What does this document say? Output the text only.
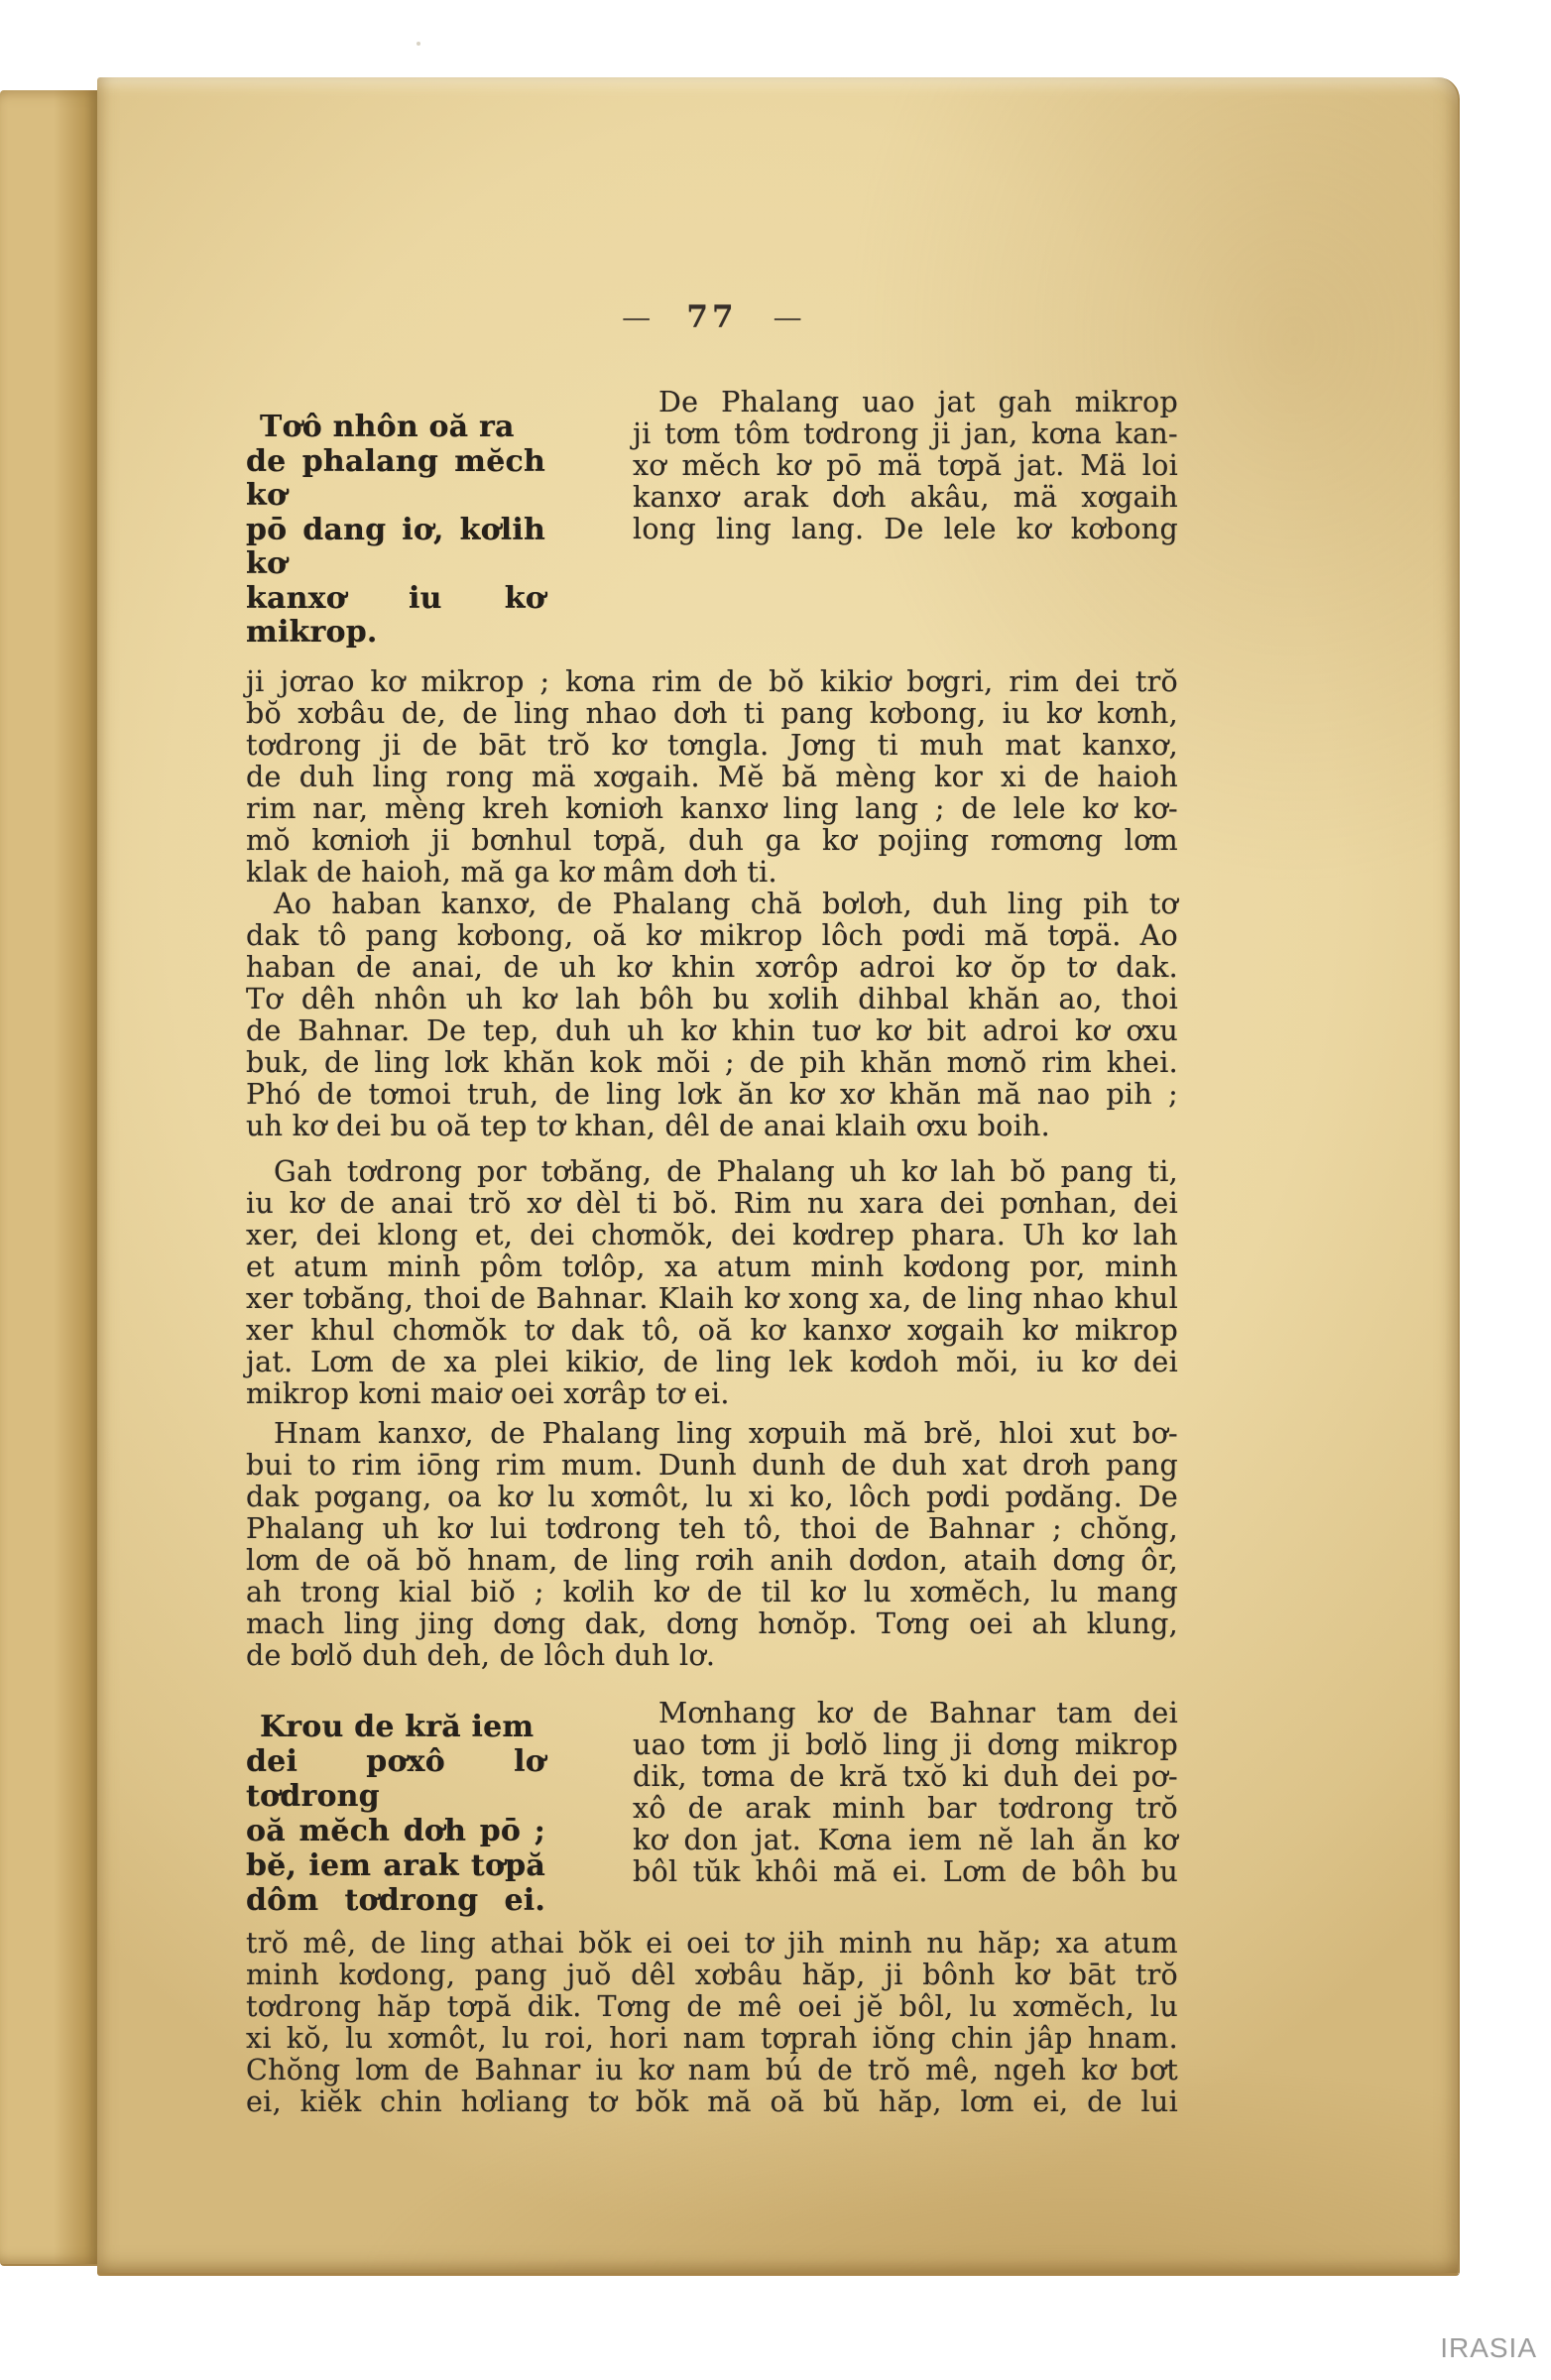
— 77 —
Tơô nhôn oă ra
de phalang mĕch kơ
pō dang iơ, kơlih kơ
kanxơ iu kơ mikrop.
De Phalang uao jat gah mikrop
ji tơm tôm tơdrong ji jan, kơna kan-
xơ mĕch kơ pō mä tơpă jat. Mä loi
kanxơ arak dơh akâu, mä xơgaih
long ling lang. De lele kơ kơbong
ji jơrao kơ mikrop ; kơna rim de bŏ kikiơ bơgri, rim dei trŏ
bŏ xơbâu de, de ling nhao dơh ti pang kơbong, iu kơ kơnh,
tơdrong ji de bāt trŏ kơ tơngla. Jơng ti muh mat kanxơ,
de duh ling rong mä xơgaih. Mĕ bă mèng kor xi de haioh
rim nar, mèng kreh kơniơh kanxơ ling lang ; de lele kơ kơ-
mŏ kơniơh ji bơnhul tơpă, duh ga kơ pojing rơmơng lơm
klak de haioh, mă ga kơ mâm dơh ti.
Ao haban kanxơ, de Phalang chă bơlơh, duh ling pih tơ
dak tô pang kơbong, oă kơ mikrop lôch pơdi mă tơpä. Ao
haban de anai, de uh kơ khin xơrôp adroi kơ ŏp tơ dak.
Tơ dêh nhôn uh kơ lah bôh bu xơlih dihbal khăn ao, thoi
de Bahnar. De tep, duh uh kơ khin tuơ kơ bit adroi kơ ơxu
buk, de ling lơk khăn kok mŏi ; de pih khăn mơnŏ rim khei.
Phó de tơmoi truh, de ling lơk ăn kơ xơ khăn mă nao pih ;
uh kơ dei bu oă tep tơ khan, dêl de anai klaih ơxu boih.
Gah tơdrong por tơbăng, de Phalang uh kơ lah bŏ pang ti,
iu kơ de anai trŏ xơ dèl ti bŏ. Rim nu xara dei pơnhan, dei
xer, dei klong et, dei chơmŏk, dei kơdrep phara. Uh kơ lah
et atum minh pôm tơlôp, xa atum minh kơdong por, minh
xer tơbăng, thoi de Bahnar. Klaih kơ xong xa, de ling nhao khul
xer khul chơmŏk tơ dak tô, oă kơ kanxơ xơgaih kơ mikrop
jat. Lơm de xa plei kikiơ, de ling lek kơdoh mŏi, iu kơ dei
mikrop kơni maiơ oei xơrâp tơ ei.
Hnam kanxơ, de Phalang ling xơpuih mă brĕ, hloi xut bơ-
bui to rim iōng rim mum. Dunh dunh de duh xat drơh pang
dak pơgang, oa kơ lu xơmôt, lu xi ko, lôch pơdi pơdăng. De
Phalang uh kơ lui tơdrong teh tô, thoi de Bahnar ; chŏng,
lơm de oă bŏ hnam, de ling rơih anih dơdon, ataih dơng ôr,
ah trong kial biŏ ; kơlih kơ de til kơ lu xơmĕch, lu mang
mach ling jing dơng dak, dơng hơnŏp. Tơng oei ah klung,
de bơlŏ duh deh, de lôch duh lơ.
Krou de kră iem
dei pơxô lơ tơdrong
oă mĕch dơh pō ;
bĕ, iem arak tơpă
dôm tơdrong ei.
Mơnhang kơ de Bahnar tam dei
uao tơm ji bơlŏ ling ji dơng mikrop
dik, tơma de kră txŏ ki duh dei pơ-
xô de arak minh bar tơdrong trŏ
kơ don jat. Kơna iem nĕ lah ăn kơ
bôl tŭk khôi mă ei. Lơm de bôh bu
trŏ mê, de ling athai bŏk ei oei tơ jih minh nu hăp; xa atum
minh kơdong, pang juŏ dêl xơbâu hăp, ji bônh kơ bāt trŏ
tơdrong hăp tơpă dik. Tơng de mê oei jĕ bôl, lu xơmĕch, lu
xi kŏ, lu xơmôt, lu roi, hori nam tơprah iŏng chin jâp hnam.
Chŏng lơm de Bahnar iu kơ nam bú de trŏ mê, ngeh kơ bơt
ei, kiĕk chin hơliang tơ bŏk mă oă bŭ hăp, lơm ei, de lui
IRASIA
